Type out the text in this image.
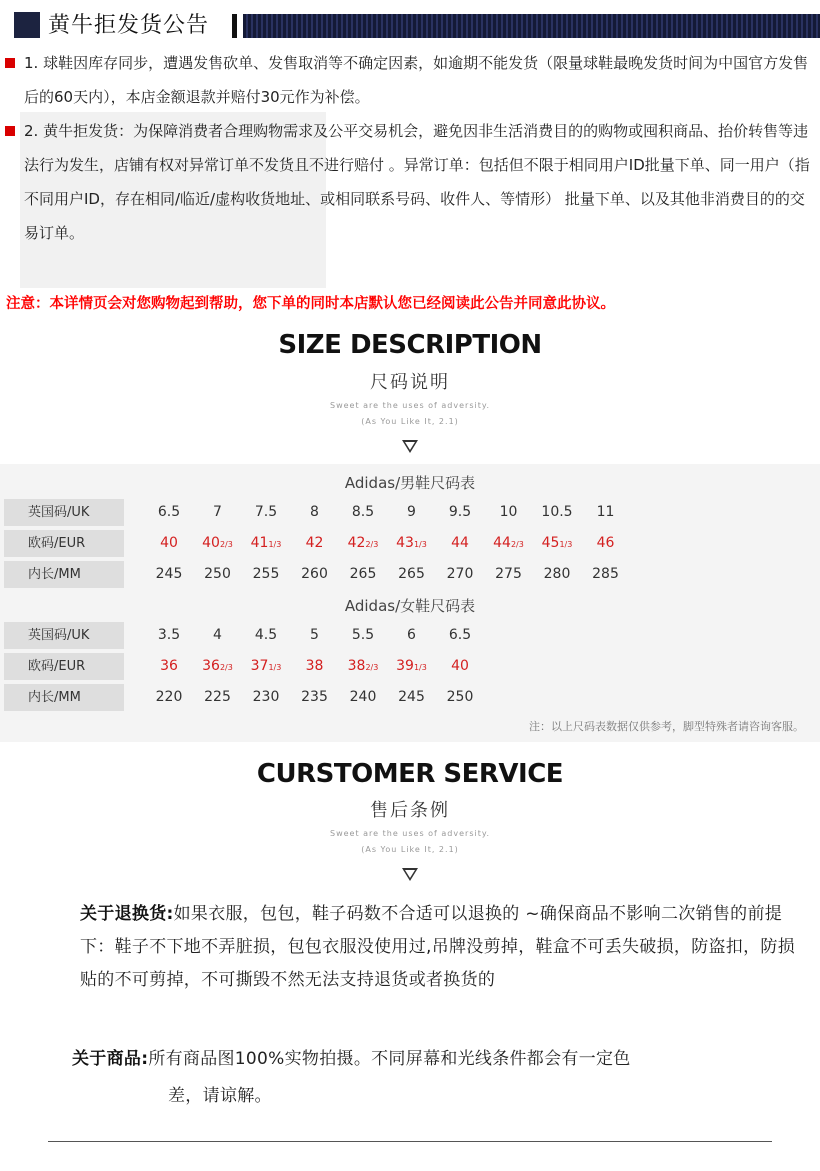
黄牛拒发货公告
1. 球鞋因库存同步，遭遇发售砍单、发售取消等不确定因素，如逾期不能发货（限量球鞋最晚发货时间为中国官方发售后的60天内），本店金额退款并赔付30元作为补偿。
2. 黄牛拒发货：为保障消费者合理购物需求及公平交易机会，避免因非生活消费目的的购物或囤积商品、抬价转售等违法行为发生，店铺有权对异常订单不发货且不进行赔付 。异常订单：包括但不限于相同用户ID批量下单、同一用户（指不同用户ID，存在相同/临近/虚构收货地址、或相同联系号码、收件人、等情形） 批量下单、以及其他非消费目的的交易订单。
注意：本详情页会对您购物起到帮助，您下单的同时本店默认您已经阅读此公告并同意此协议。
SIZE DESCRIPTION
尺码说明
Sweet are the uses of adversity.
(As You Like It, 2.1)
Adidas/男鞋尺码表
英国码/UK	6.5	7	7.5	8	8.5	9	9.5	10	10.5	11
欧码/EUR	40	402/3	411/3	42	422/3	431/3	44	442/3	451/3	46
内长/MM	245	250	255	260	265	265	270	275	280	285
Adidas/女鞋尺码表
英国码/UK	3.5	4	4.5	5	5.5	6	6.5
欧码/EUR	36	362/3	371/3	38	382/3	391/3	40
内长/MM	220	225	230	235	240	245	250
注：以上尺码表数据仅供参考，脚型特殊者请咨询客服。
CURSTOMER SERVICE
售后条例
Sweet are the uses of adversity.
(As You Like It, 2.1)
关于退换货:如果衣服，包包，鞋子码数不合适可以退换的 ~确保商品不影响二次销售的前提下：鞋子不下地不弄脏损，包包衣服没使用过,吊牌没剪掉，鞋盒不可丢失破损，防盗扣，防损贴的不可剪掉，不可撕毁不然无法支持退货或者换货的
关于商品:所有商品图100%实物拍摄。不同屏幕和光线条件都会有一定色
差，请谅解。
